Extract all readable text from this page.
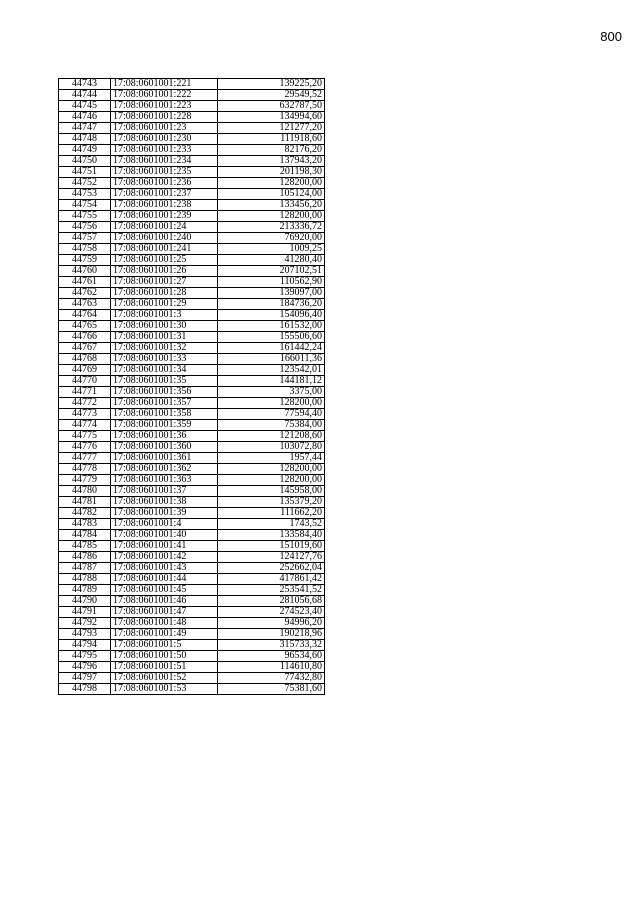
800
44743	17:08:0601001:221	139225,20
44744	17:08:0601001:222	29549,52
44745	17:08:0601001:223	632787,50
44746	17:08:0601001:228	134994,60
44747	17:08:0601001:23	121277,20
44748	17:08:0601001:230	111918,60
44749	17:08:0601001:233	82176,20
44750	17:08:0601001:234	137943,20
44751	17:08:0601001:235	201198,30
44752	17:08:0601001:236	128200,00
44753	17:08:0601001:237	105124,00
44754	17:08:0601001:238	133456,20
44755	17:08:0601001:239	128200,00
44756	17:08:0601001:24	213336,72
44757	17:08:0601001:240	76920,00
44758	17:08:0601001:241	1009,25
44759	17:08:0601001:25	41280,40
44760	17:08:0601001:26	207102,51
44761	17:08:0601001:27	110562,90
44762	17:08:0601001:28	139097,00
44763	17:08:0601001:29	184736,20
44764	17:08:0601001:3	154096,40
44765	17:08:0601001:30	161532,00
44766	17:08:0601001:31	155506,60
44767	17:08:0601001:32	161442,24
44768	17:08:0601001:33	166011,36
44769	17:08:0601001:34	123542,01
44770	17:08:0601001:35	144181,12
44771	17:08:0601001:356	3375,00
44772	17:08:0601001:357	128200,00
44773	17:08:0601001:358	77594,40
44774	17:08:0601001:359	75384,00
44775	17:08:0601001:36	121208,60
44776	17:08:0601001:360	103072,80
44777	17:08:0601001:361	1957,44
44778	17:08:0601001:362	128200,00
44779	17:08:0601001:363	128200,00
44780	17:08:0601001:37	145958,00
44781	17:08:0601001:38	135379,20
44782	17:08:0601001:39	111662,20
44783	17:08:0601001:4	1743,52
44784	17:08:0601001:40	133584,40
44785	17:08:0601001:41	151019,60
44786	17:08:0601001:42	124127,76
44787	17:08:0601001:43	252662,04
44788	17:08:0601001:44	417861,42
44789	17:08:0601001:45	253541,52
44790	17:08:0601001:46	281056,68
44791	17:08:0601001:47	274523,40
44792	17:08:0601001:48	94996,20
44793	17:08:0601001:49	190218,96
44794	17:08:0601001:5	315733,32
44795	17:08:0601001:50	96534,60
44796	17:08:0601001:51	114610,80
44797	17:08:0601001:52	77432,80
44798	17:08:0601001:53	75381,60
